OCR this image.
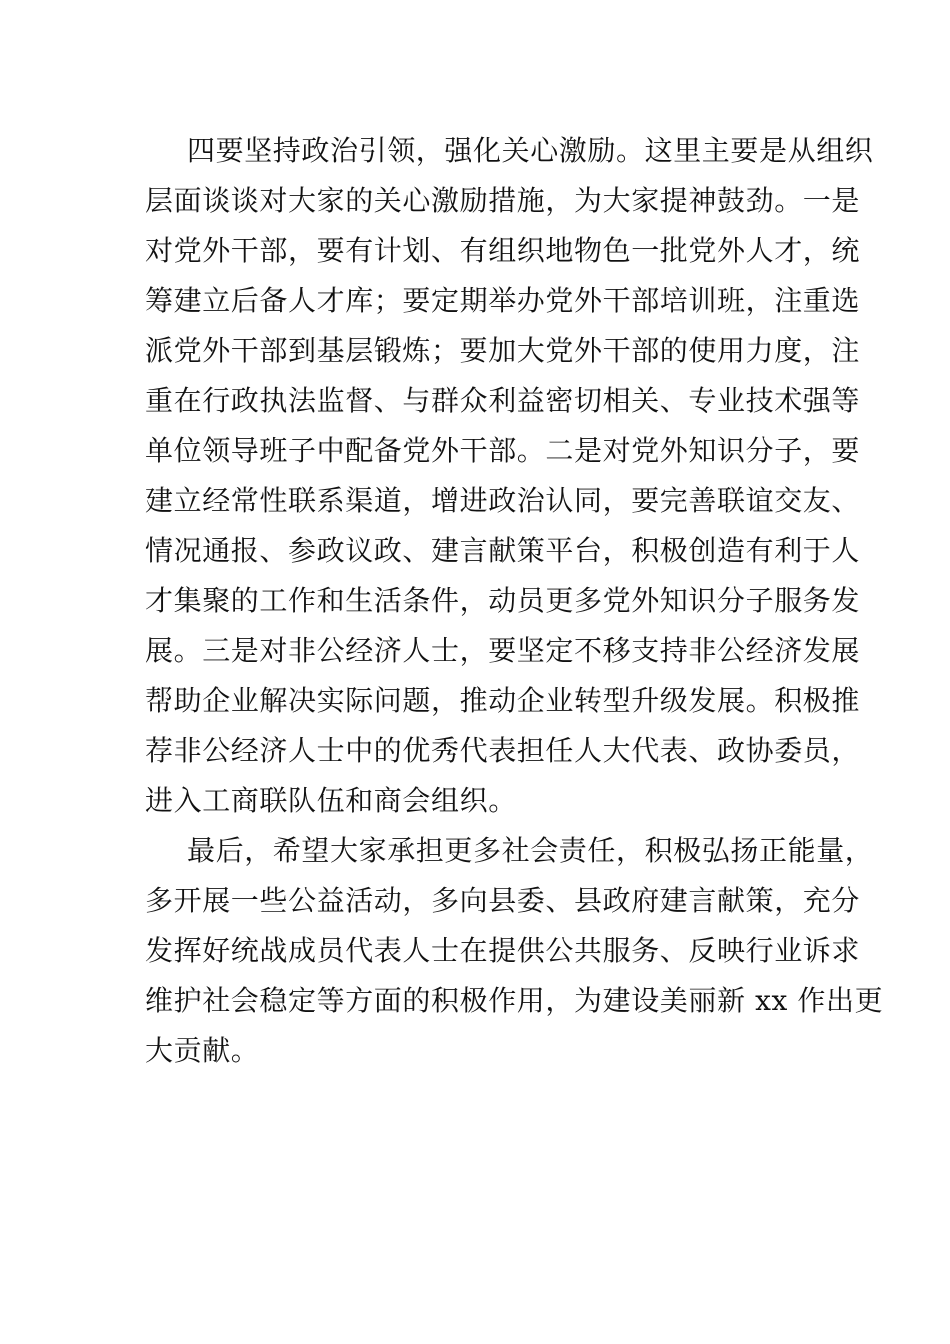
四要坚持政治引领，强化关心激励。这里主要是从组织
层面谈谈对大家的关心激励措施，为大家提神鼓劲。一是
对党外干部，要有计划、有组织地物色一批党外人才，统
筹建立后备人才库；要定期举办党外干部培训班，注重选
派党外干部到基层锻炼；要加大党外干部的使用力度，注
重在行政执法监督、与群众利益密切相关、专业技术强等
单位领导班子中配备党外干部。二是对党外知识分子，要
建立经常性联系渠道，增进政治认同，要完善联谊交友、
情况通报、参政议政、建言献策平台，积极创造有利于人
才集聚的工作和生活条件，动员更多党外知识分子服务发
展。三是对非公经济人士，要坚定不移支持非公经济发展
帮助企业解决实际问题，推动企业转型升级发展。积极推
荐非公经济人士中的优秀代表担任人大代表、政协委员，
进入工商联队伍和商会组织。

最后，希望大家承担更多社会责任，积极弘扬正能量，
多开展一些公益活动，多向县委、县政府建言献策，充分
发挥好统战成员代表人士在提供公共服务、反映行业诉求
维护社会稳定等方面的积极作用，为建设美丽新 xx 作出更
大贡献。
